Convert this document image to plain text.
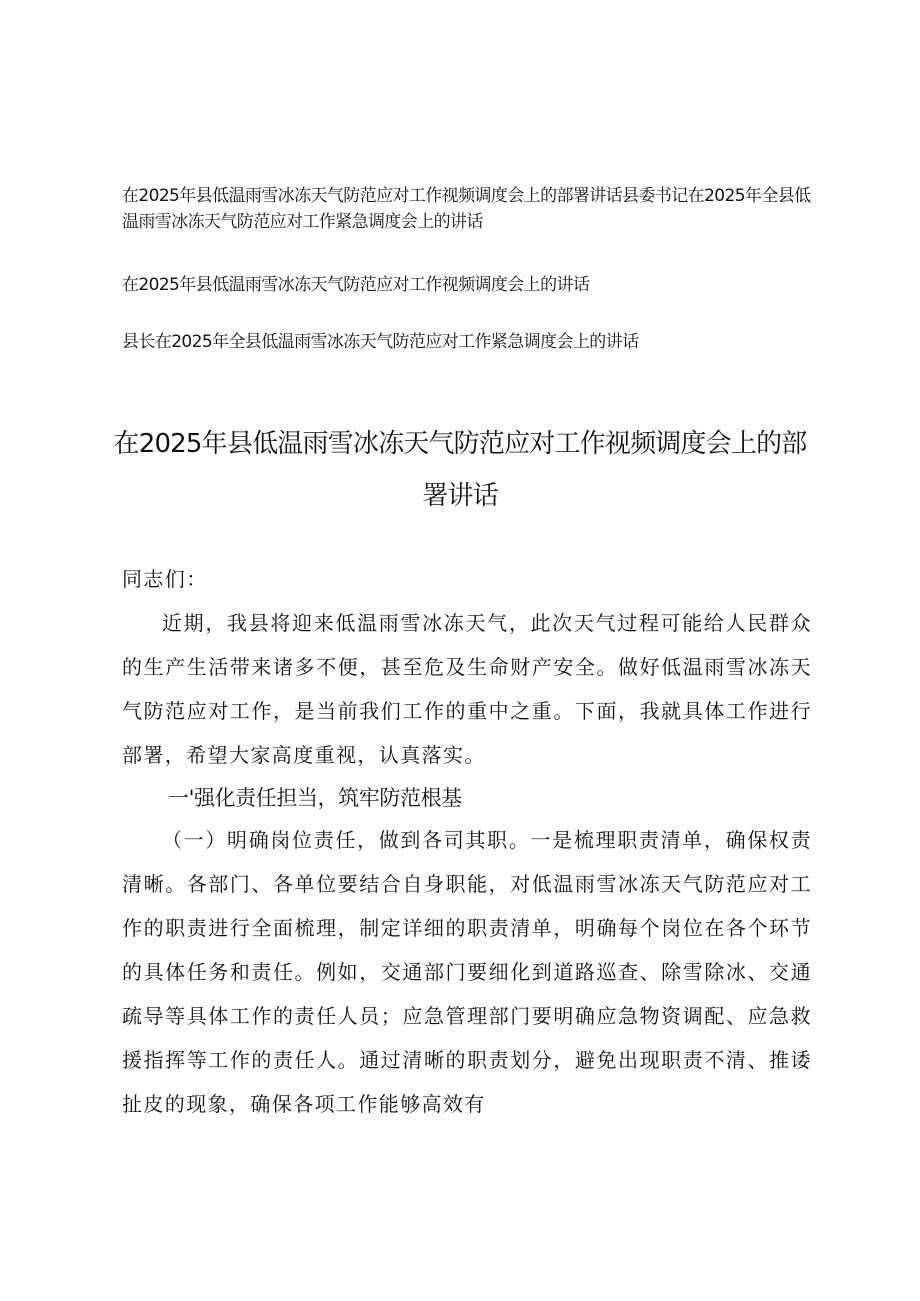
在2025年县低温雨雪冰冻天气防范应对工作视频调度会上的部署讲话县委书记在2025年全县低温雨雪冰冻天气防范应对工作紧急调度会上的讲话
在2025年县低温雨雪冰冻天气防范应对工作视频调度会上的讲话
县长在2025年全县低温雨雪冰冻天气防范应对工作紧急调度会上的讲话
在2025年县低温雨雪冰冻天气防范应对工作视频调度会上的部署讲话
同志们：
近期，我县将迎来低温雨雪冰冻天气，此次天气过程可能给人民群众的生产生活带来诸多不便，甚至危及生命财产安全。做好低温雨雪冰冻天气防范应对工作，是当前我们工作的重中之重。下面，我就具体工作进行部署，希望大家高度重视，认真落实。
一'强化责任担当，筑牢防范根基
（一）明确岗位责任，做到各司其职。一是梳理职责清单，确保权责清晰。各部门、各单位要结合自身职能，对低温雨雪冰冻天气防范应对工作的职责进行全面梳理，制定详细的职责清单，明确每个岗位在各个环节的具体任务和责任。例如，交通部门要细化到道路巡查、除雪除冰、交通疏导等具体工作的责任人员；应急管理部门要明确应急物资调配、应急救援指挥等工作的责任人。通过清晰的职责划分，避免出现职责不清、推诿扯皮的现象，确保各项工作能够高效有
